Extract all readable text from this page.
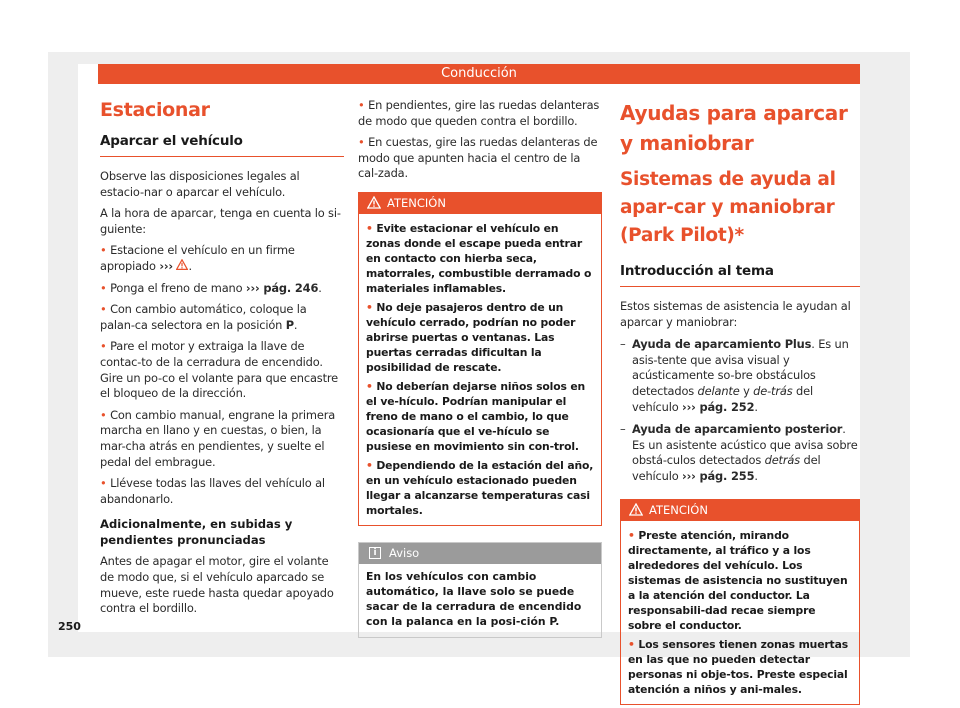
Conducción
Estacionar
Aparcar el vehículo

Observe las disposiciones legales al estacio-nar o aparcar el vehículo.

A la hora de aparcar, tenga en cuenta lo si-guiente:

• Estacione el vehículo en un firme apropiado ››› .
• Ponga el freno de mano ››› pág. 246.
• Con cambio automático, coloque la palan-ca selectora en la posición P.
• Pare el motor y extraiga la llave de contac-to de la cerradura de encendido. Gire un po-co el volante para que encastre el bloqueo de la dirección.
• Con cambio manual, engrane la primera marcha en llano y en cuestas, o bien, la mar-cha atrás en pendientes, y suelte el pedal del embrague.
• Llévese todas las llaves del vehículo al abandonarlo.
Adicionalmente, en subidas y pendientes pronunciadas

Antes de apagar el motor, gire el volante de modo que, si el vehículo aparcado se mueve, este ruede hasta quedar apoyado contra el bordillo.

• En pendientes, gire las ruedas delanteras de modo que queden contra el bordillo.
• En cuestas, gire las ruedas delanteras de modo que apunten hacia el centro de la cal-zada.
ATENCIÓN
• Evite estacionar el vehículo en zonas donde el escape pueda entrar en contacto con hierba seca, matorrales, combustible derramado o materiales inflamables.
• No deje pasajeros dentro de un vehículo cerrado, podrían no poder abrirse puertas o ventanas. Las puertas cerradas dificultan la posibilidad de rescate.
• No deberían dejarse niños solos en el ve-hículo. Podrían manipular el freno de mano o el cambio, lo que ocasionaría que el ve-hículo se pusiese en movimiento sin con-trol.
• Dependiendo de la estación del año, en un vehículo estacionado pueden llegar a alcanzarse temperaturas casi mortales.
i	Aviso
En los vehículos con cambio automático, la llave solo se puede sacar de la cerradura de encendido con la palanca en la posi-ción P.
Ayudas para aparcar y maniobrar
Sistemas de ayuda al apar-car y maniobrar (Park Pilot)*
Introducción al tema

Estos sistemas de asistencia le ayudan al aparcar y maniobrar:

– Ayuda de aparcamiento Plus. Es un asis-tente que avisa visual y acústicamente so-bre obstáculos detectados delante y de-trás del vehículo ››› pág. 252.
– Ayuda de aparcamiento posterior. Es un asistente acústico que avisa sobre obstá-culos detectados detrás del vehículo ››› pág. 255.
ATENCIÓN
• Preste atención, mirando directamente, al tráfico y a los alrededores del vehículo. Los sistemas de asistencia no sustituyen a la atención del conductor. La responsabili-dad recae siempre sobre el conductor.
• Los sensores tienen zonas muertas en las que no pueden detectar personas ni obje-tos. Preste especial atención a niños y ani-males.
250
